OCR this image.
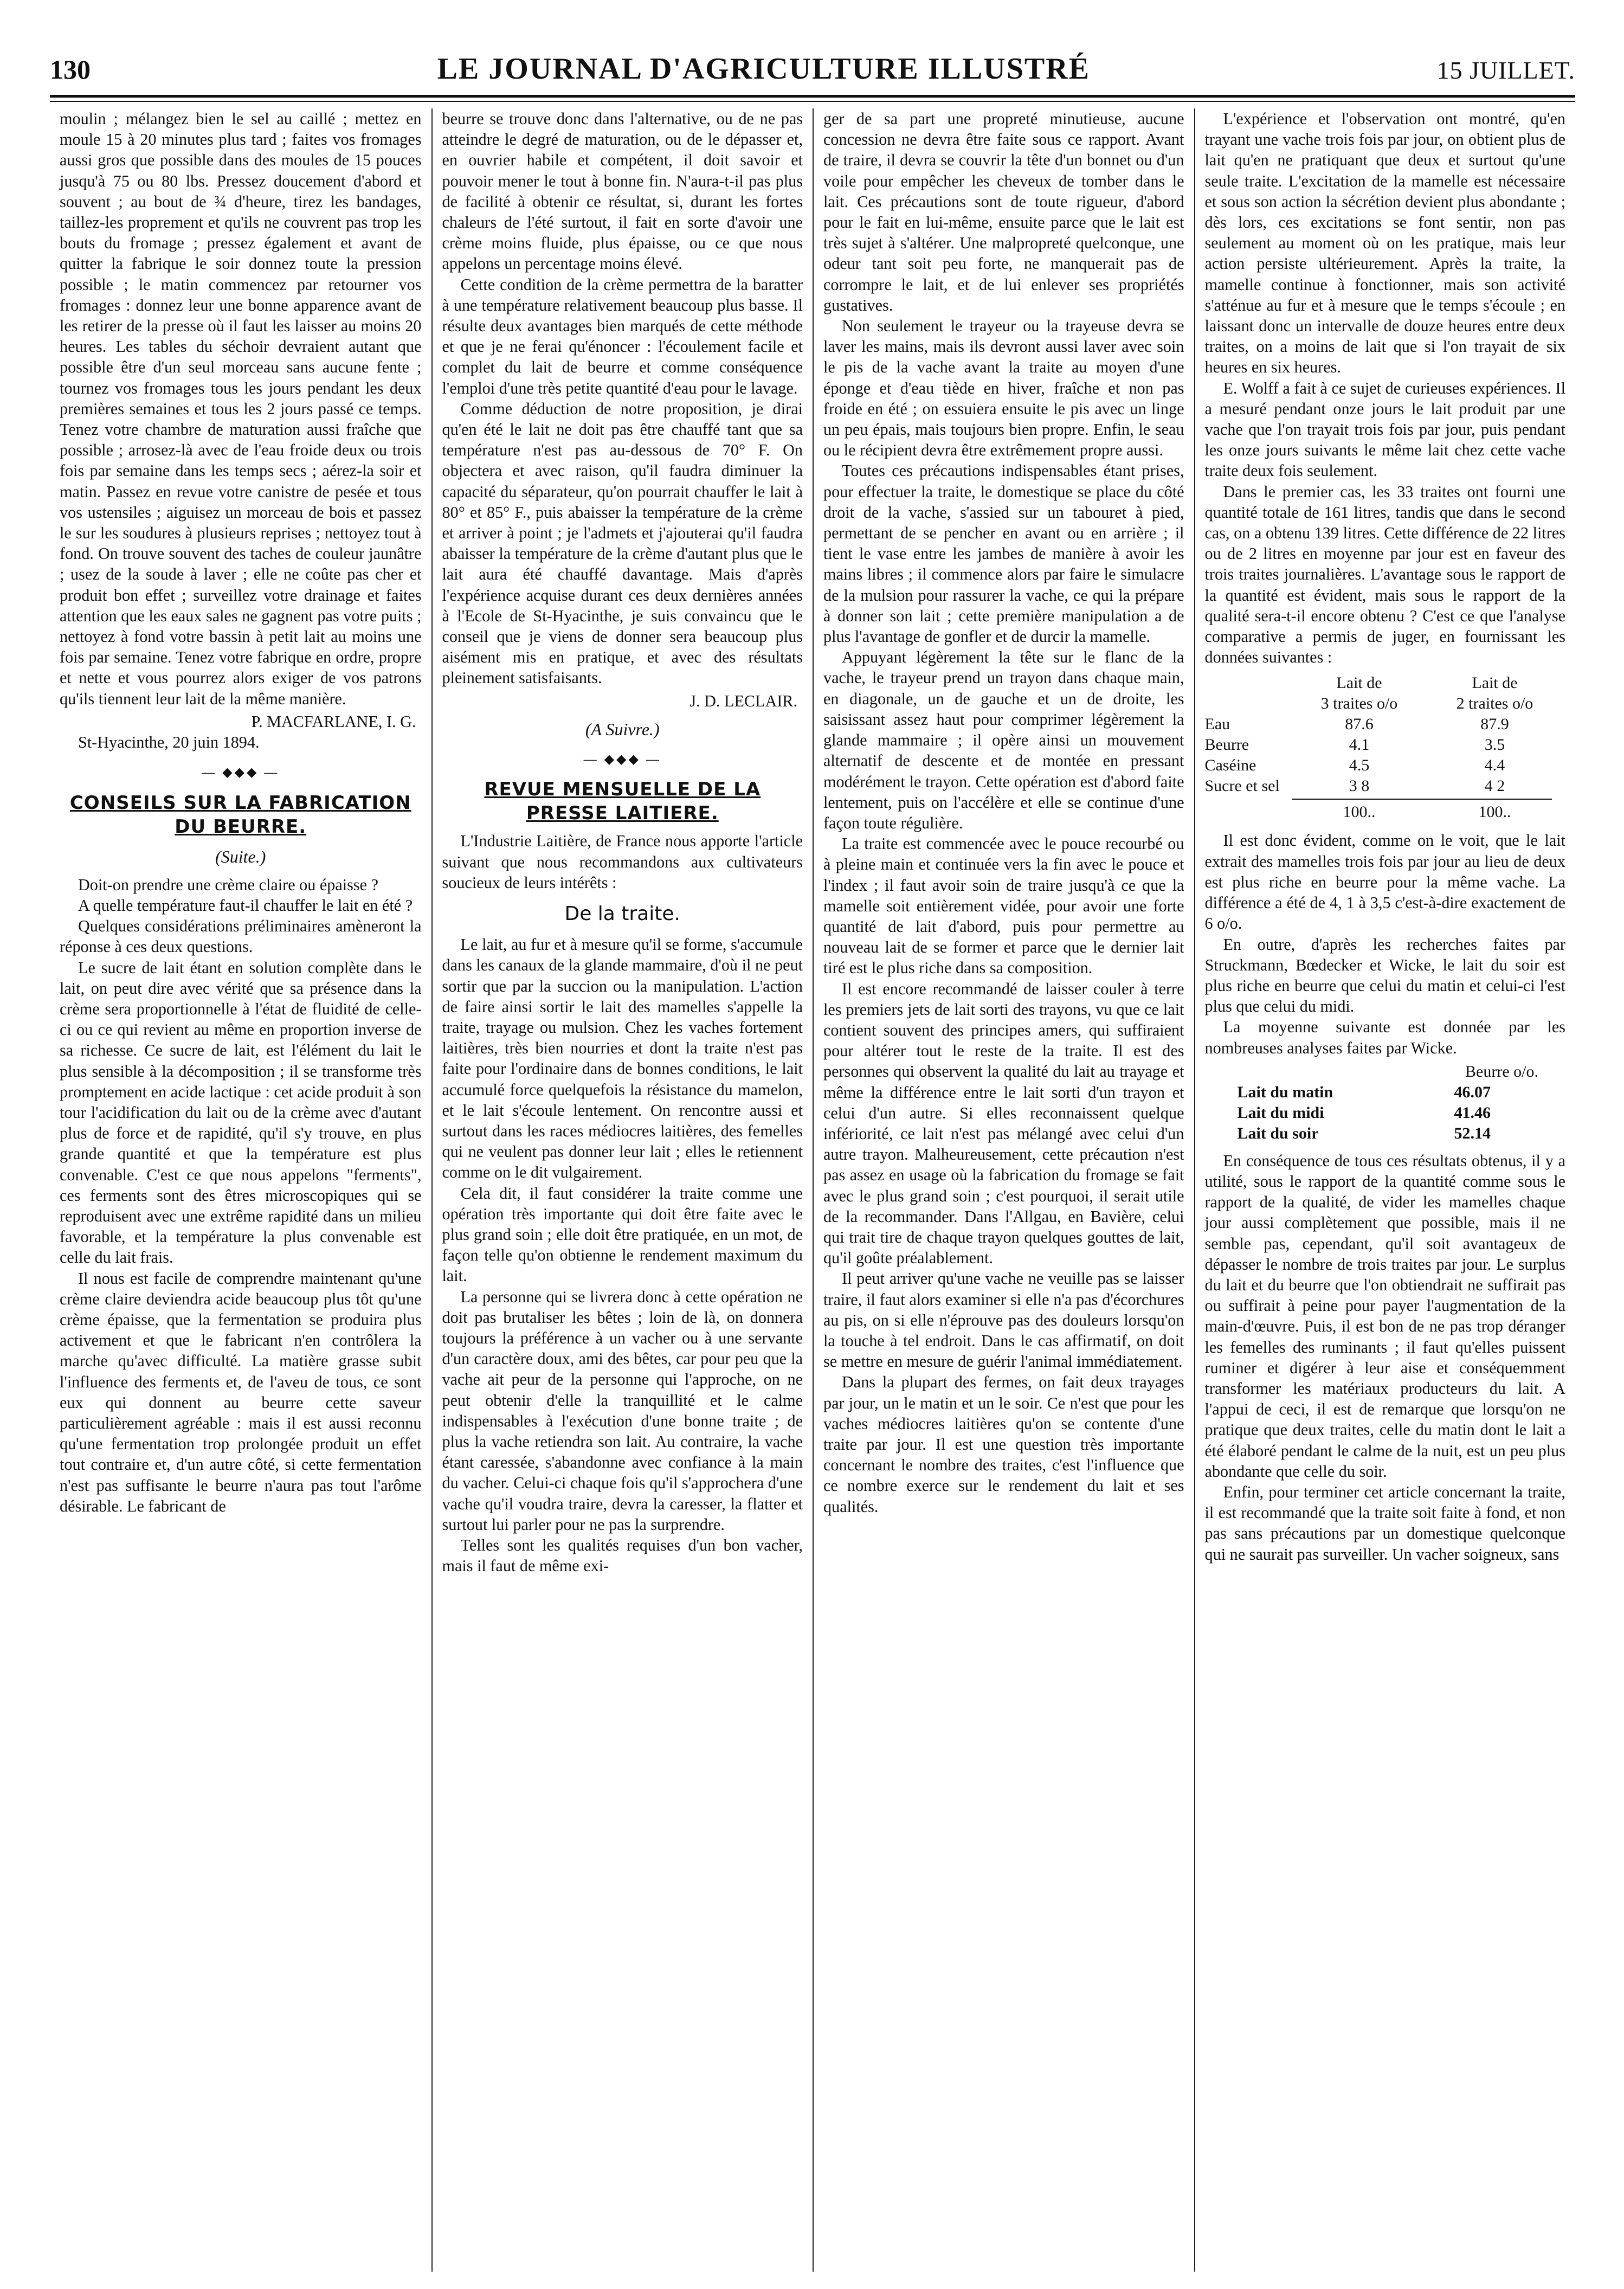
130	LE JOURNAL D'AGRICULTURE ILLUSTRÉ	15 JUILLET.

moulin ; mélangez bien le sel au caillé ; mettez en moule 15 à 20 minutes plus tard ; faites vos fromages aussi gros que possible dans des moules de 15 pouces jusqu'à 75 ou 80 lbs. Pressez doucement d'abord et souvent ; au bout de ¾ d'heure, tirez les bandages, taillez-les proprement et qu'ils ne couvrent pas trop les bouts du fromage ; pressez également et avant de quitter la fabrique le soir donnez toute la pression possible ; le matin commencez par retourner vos fromages : donnez leur une bonne apparence avant de les retirer de la presse où il faut les laisser au moins 20 heures. Les tables du séchoir devraient autant que possible être d'un seul morceau sans aucune fente ; tournez vos fromages tous les jours pendant les deux premières semaines et tous les 2 jours passé ce temps. Tenez votre chambre de maturation aussi fraîche que possible ; arrosez-là avec de l'eau froide deux ou trois fois par semaine dans les temps secs ; aérez-la soir et matin. Passez en revue votre canistre de pesée et tous vos ustensiles ; aiguisez un morceau de bois et passez le sur les soudures à plusieurs reprises ; nettoyez tout à fond. On trouve souvent des taches de couleur jaunâtre ; usez de la soude à laver ; elle ne coûte pas cher et produit bon effet ; surveillez votre drainage et faites attention que les eaux sales ne gagnent pas votre puits ; nettoyez à fond votre bassin à petit lait au moins une fois par semaine. Tenez votre fabrique en ordre, propre et nette et vous pourrez alors exiger de vos patrons qu'ils tiennent leur lait de la même manière.

P. MACFARLANE, I. G.

St-Hyacinthe, 20 juin 1894.

— ◆◆◆ —
CONSEILS SUR LA FABRICATION DU BEURRE.
(Suite.)

Doit-on prendre une crème claire ou épaisse ?

A quelle température faut-il chauffer le lait en été ?

Quelques considérations préliminaires amèneront la réponse à ces deux questions.

Le sucre de lait étant en solution complète dans le lait, on peut dire avec vérité que sa présence dans la crème sera proportionnelle à l'état de fluidité de celle-ci ou ce qui revient au même en proportion inverse de sa richesse. Ce sucre de lait, est l'élément du lait le plus sensible à la décomposition ; il se transforme très promptement en acide lactique : cet acide produit à son tour l'acidification du lait ou de la crème avec d'autant plus de force et de rapidité, qu'il s'y trouve, en plus grande quantité et que la température est plus convenable. C'est ce que nous appelons "ferments", ces ferments sont des êtres microscopiques qui se reproduisent avec une extrême rapidité dans un milieu favorable, et la température la plus convenable est celle du lait frais.

Il nous est facile de comprendre maintenant qu'une crème claire deviendra acide beaucoup plus tôt qu'une crème épaisse, que la fermentation se produira plus activement et que le fabricant n'en contrôlera la marche qu'avec difficulté. La matière grasse subit l'influence des ferments et, de l'aveu de tous, ce sont eux qui donnent au beurre cette saveur particulièrement agréable : mais il est aussi reconnu qu'une fermentation trop prolongée produit un effet tout contraire et, d'un autre côté, si cette fermentation n'est pas suffisante le beurre n'aura pas tout l'arôme désirable. Le fabricant de

beurre se trouve donc dans l'alternative, ou de ne pas atteindre le degré de maturation, ou de le dépasser et, en ouvrier habile et compétent, il doit savoir et pouvoir mener le tout à bonne fin. N'aura-t-il pas plus de facilité à obtenir ce résultat, si, durant les fortes chaleurs de l'été surtout, il fait en sorte d'avoir une crème moins fluide, plus épaisse, ou ce que nous appelons un percentage moins élevé.

Cette condition de la crème permettra de la baratter à une température relativement beaucoup plus basse. Il résulte deux avantages bien marqués de cette méthode et que je ne ferai qu'énoncer : l'écoulement facile et complet du lait de beurre et comme conséquence l'emploi d'une très petite quantité d'eau pour le lavage.

Comme déduction de notre proposition, je dirai qu'en été le lait ne doit pas être chauffé tant que sa température n'est pas au-dessous de 70° F. On objectera et avec raison, qu'il faudra diminuer la capacité du séparateur, qu'on pourrait chauffer le lait à 80° et 85° F., puis abaisser la température de la crème et arriver à point ; je l'admets et j'ajouterai qu'il faudra abaisser la température de la crème d'autant plus que le lait aura été chauffé davantage. Mais d'après l'expérience acquise durant ces deux dernières années à l'Ecole de St-Hyacinthe, je suis convaincu que le conseil que je viens de donner sera beaucoup plus aisément mis en pratique, et avec des résultats pleinement satisfaisants.

J. D. LECLAIR.
(A Suivre.)
— ◆◆◆ —
REVUE MENSUELLE DE LA PRESSE LAITIERE.

L'Industrie Laitière, de France nous apporte l'article suivant que nous recommandons aux cultivateurs soucieux de leurs intérêts :

De la traite.

Le lait, au fur et à mesure qu'il se forme, s'accumule dans les canaux de la glande mammaire, d'où il ne peut sortir que par la succion ou la manipulation. L'action de faire ainsi sortir le lait des mamelles s'appelle la traite, trayage ou mulsion. Chez les vaches fortement laitières, très bien nourries et dont la traite n'est pas faite pour l'ordinaire dans de bonnes conditions, le lait accumulé force quelquefois la résistance du mamelon, et le lait s'écoule lentement. On rencontre aussi et surtout dans les races médiocres laitières, des femelles qui ne veulent pas donner leur lait ; elles le retiennent comme on le dit vulgairement.

Cela dit, il faut considérer la traite comme une opération très importante qui doit être faite avec le plus grand soin ; elle doit être pratiquée, en un mot, de façon telle qu'on obtienne le rendement maximum du lait.

La personne qui se livrera donc à cette opération ne doit pas brutaliser les bêtes ; loin de là, on donnera toujours la préférence à un vacher ou à une servante d'un caractère doux, ami des bêtes, car pour peu que la vache ait peur de la personne qui l'approche, on ne peut obtenir d'elle la tranquillité et le calme indispensables à l'exécution d'une bonne traite ; de plus la vache retiendra son lait. Au contraire, la vache étant caressée, s'abandonne avec confiance à la main du vacher. Celui-ci chaque fois qu'il s'approchera d'une vache qu'il voudra traire, devra la caresser, la flatter et surtout lui parler pour ne pas la surprendre.

Telles sont les qualités requises d'un bon vacher, mais il faut de même exi-

ger de sa part une propreté minutieuse, aucune concession ne devra être faite sous ce rapport. Avant de traire, il devra se couvrir la tête d'un bonnet ou d'un voile pour empêcher les cheveux de tomber dans le lait. Ces précautions sont de toute rigueur, d'abord pour le fait en lui-même, ensuite parce que le lait est très sujet à s'altérer. Une malpropreté quelconque, une odeur tant soit peu forte, ne manquerait pas de corrompre le lait, et de lui enlever ses propriétés gustatives.

Non seulement le trayeur ou la trayeuse devra se laver les mains, mais ils devront aussi laver avec soin le pis de la vache avant la traite au moyen d'une éponge et d'eau tiède en hiver, fraîche et non pas froide en été ; on essuiera ensuite le pis avec un linge un peu épais, mais toujours bien propre. Enfin, le seau ou le récipient devra être extrêmement propre aussi.

Toutes ces précautions indispensables étant prises, pour effectuer la traite, le domestique se place du côté droit de la vache, s'assied sur un tabouret à pied, permettant de se pencher en avant ou en arrière ; il tient le vase entre les jambes de manière à avoir les mains libres ; il commence alors par faire le simulacre de la mulsion pour rassurer la vache, ce qui la prépare à donner son lait ; cette première manipulation a de plus l'avantage de gonfler et de durcir la mamelle.

Appuyant légèrement la tête sur le flanc de la vache, le trayeur prend un trayon dans chaque main, en diagonale, un de gauche et un de droite, les saisissant assez haut pour comprimer légèrement la glande mammaire ; il opère ainsi un mouvement alternatif de descente et de montée en pressant modérément le trayon. Cette opération est d'abord faite lentement, puis on l'accélère et elle se continue d'une façon toute régulière.

La traite est commencée avec le pouce recourbé ou à pleine main et continuée vers la fin avec le pouce et l'index ; il faut avoir soin de traire jusqu'à ce que la mamelle soit entièrement vidée, pour avoir une forte quantité de lait d'abord, puis pour permettre au nouveau lait de se former et parce que le dernier lait tiré est le plus riche dans sa composition.

Il est encore recommandé de laisser couler à terre les premiers jets de lait sorti des trayons, vu que ce lait contient souvent des principes amers, qui suffiraient pour altérer tout le reste de la traite. Il est des personnes qui observent la qualité du lait au trayage et même la différence entre le lait sorti d'un trayon et celui d'un autre. Si elles reconnaissent quelque infériorité, ce lait n'est pas mélangé avec celui d'un autre trayon. Malheureusement, cette précaution n'est pas assez en usage où la fabrication du fromage se fait avec le plus grand soin ; c'est pourquoi, il serait utile de la recommander. Dans l'Allgau, en Bavière, celui qui trait tire de chaque trayon quelques gouttes de lait, qu'il goûte préalablement.

Il peut arriver qu'une vache ne veuille pas se laisser traire, il faut alors examiner si elle n'a pas d'écorchures au pis, on si elle n'éprouve pas des douleurs lorsqu'on la touche à tel endroit. Dans le cas affirmatif, on doit se mettre en mesure de guérir l'animal immédiatement.

Dans la plupart des fermes, on fait deux trayages par jour, un le matin et un le soir. Ce n'est que pour les vaches médiocres laitières qu'on se contente d'une traite par jour. Il est une question très importante concernant le nombre des traites, c'est l'influence que ce nombre exerce sur le rendement du lait et ses qualités.

L'expérience et l'observation ont montré, qu'en trayant une vache trois fois par jour, on obtient plus de lait qu'en ne pratiquant que deux et surtout qu'une seule traite. L'excitation de la mamelle est nécessaire et sous son action la sécrétion devient plus abondante ; dès lors, ces excitations se font sentir, non pas seulement au moment où on les pratique, mais leur action persiste ultérieurement. Après la traite, la mamelle continue à fonctionner, mais son activité s'atténue au fur et à mesure que le temps s'écoule ; en laissant donc un intervalle de douze heures entre deux traites, on a moins de lait que si l'on trayait de six heures en six heures.

E. Wolff a fait à ce sujet de curieuses expériences. Il a mesuré pendant onze jours le lait produit par une vache que l'on trayait trois fois par jour, puis pendant les onze jours suivants le même lait chez cette vache traite deux fois seulement.

Dans le premier cas, les 33 traites ont fourni une quantité totale de 161 litres, tandis que dans le second cas, on a obtenu 139 litres. Cette différence de 22 litres ou de 2 litres en moyenne par jour est en faveur des trois traites journalières. L'avantage sous le rapport de la quantité est évident, mais sous le rapport de la qualité sera-t-il encore obtenu ? C'est ce que l'analyse comparative a permis de juger, en fournissant les données suivantes :

Lait de	Lait de
3 traites o/o	2 traites o/o
Eau	87.6	87.9
Beurre	4.1	3.5
Caséine	4.5	4.4
Sucre et sel	3 8	4 2
100..	100..

Il est donc évident, comme on le voit, que le lait extrait des mamelles trois fois par jour au lieu de deux est plus riche en beurre pour la même vache. La différence a été de 4, 1 à 3,5 c'est-à-dire exactement de 6 o/o.

En outre, d'après les recherches faites par Struckmann, Bœdecker et Wicke, le lait du soir est plus riche en beurre que celui du matin et celui-ci l'est plus que celui du midi.

La moyenne suivante est donnée par les nombreuses analyses faites par Wicke.

Beurre o/o.
Lait du matin	46.07
Lait du midi	41.46
Lait du soir	52.14

En conséquence de tous ces résultats obtenus, il y a utilité, sous le rapport de la quantité comme sous le rapport de la qualité, de vider les mamelles chaque jour aussi complètement que possible, mais il ne semble pas, cependant, qu'il soit avantageux de dépasser le nombre de trois traites par jour. Le surplus du lait et du beurre que l'on obtiendrait ne suffirait pas ou suffirait à peine pour payer l'augmentation de la main-d'œuvre. Puis, il est bon de ne pas trop déranger les femelles des ruminants ; il faut qu'elles puissent ruminer et digérer à leur aise et conséquemment transformer les matériaux producteurs du lait. A l'appui de ceci, il est de remarque que lorsqu'on ne pratique que deux traites, celle du matin dont le lait a été élaboré pendant le calme de la nuit, est un peu plus abondante que celle du soir.

Enfin, pour terminer cet article concernant la traite, il est recommandé que la traite soit faite à fond, et non pas sans précautions par un domestique quelconque qui ne saurait pas surveiller. Un vacher soigneux, sans
